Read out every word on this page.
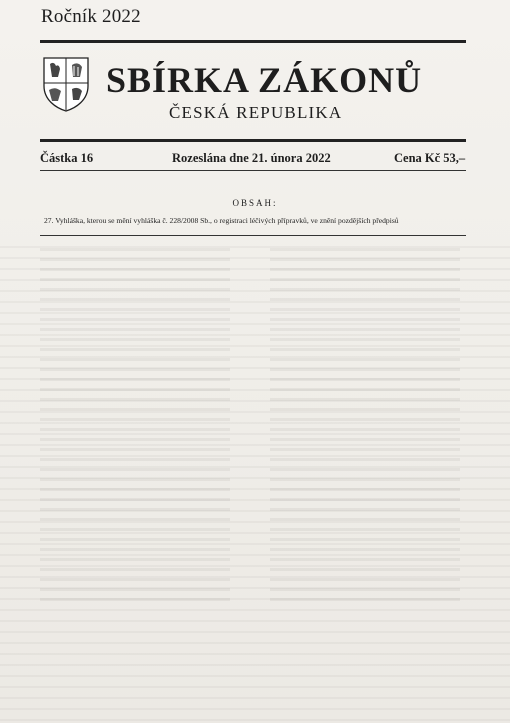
Ročník 2022
SBÍRKA ZÁKONŮ
ČESKÁ REPUBLIKA
Částka 16	Rozeslána dne 21. února 2022	Cena Kč 53,–
OBSAH:
27. Vyhláška, kterou se mění vyhláška č. 228/2008 Sb., o registraci léčivých přípravků, ve znění pozdějších předpisů
